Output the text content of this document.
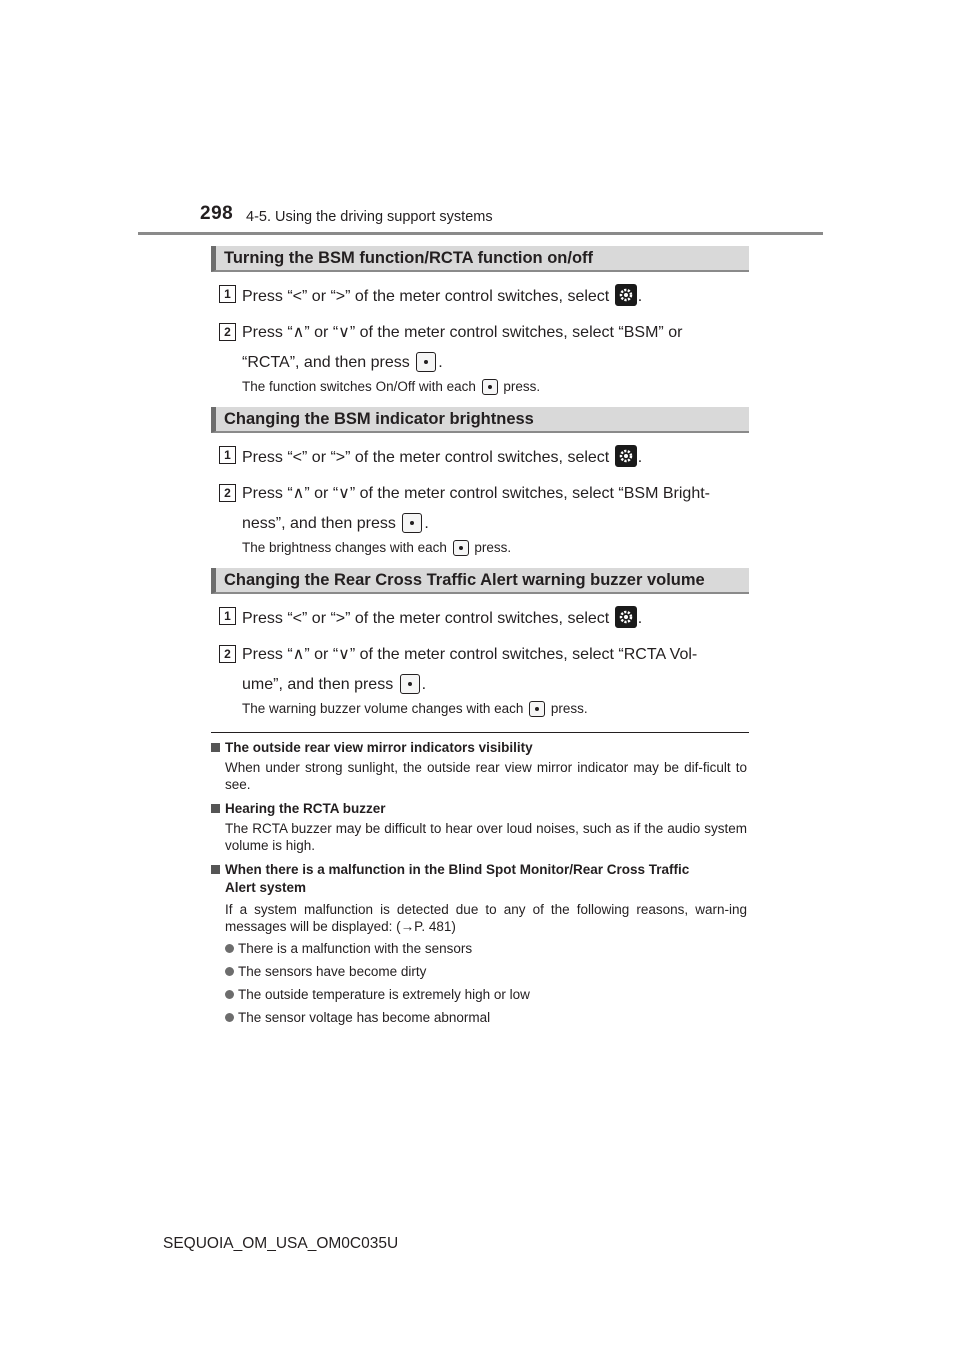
298 4-5. Using the driving support systems
Turning the BSM function/RCTA function on/off
1 Press “<” or “>” of the meter control switches, select
.
2 Press “∧” or “∨” of the meter control switches, select “BSM” or
“RCTA”, and then press .
The function switches On/Off with each  press.
Changing the BSM indicator brightness
1 Press “<” or “>” of the meter control switches, select
.
2 Press “∧” or “∨” of the meter control switches, select “BSM Bright-
ness”, and then press .
The brightness changes with each  press.
Changing the Rear Cross Traffic Alert warning buzzer volume
1 Press “<” or “>” of the meter control switches, select
.
2 Press “∧” or “∨” of the meter control switches, select “RCTA Vol-
ume”, and then press .
The warning buzzer volume changes with each  press.
The outside rear view mirror indicators visibility
When under strong sunlight, the outside rear view mirror indicator may be dif-ficult to see.
Hearing the RCTA buzzer
The RCTA buzzer may be difficult to hear over loud noises, such as if the audio system volume is high.
When there is a malfunction in the Blind Spot Monitor/Rear Cross Traffic
Alert system
If a system malfunction is detected due to any of the following reasons, warn-ing messages will be displayed: (→P. 481)
There is a malfunction with the sensors
The sensors have become dirty
The outside temperature is extremely high or low
The sensor voltage has become abnormal
SEQUOIA_OM_USA_OM0C035U
